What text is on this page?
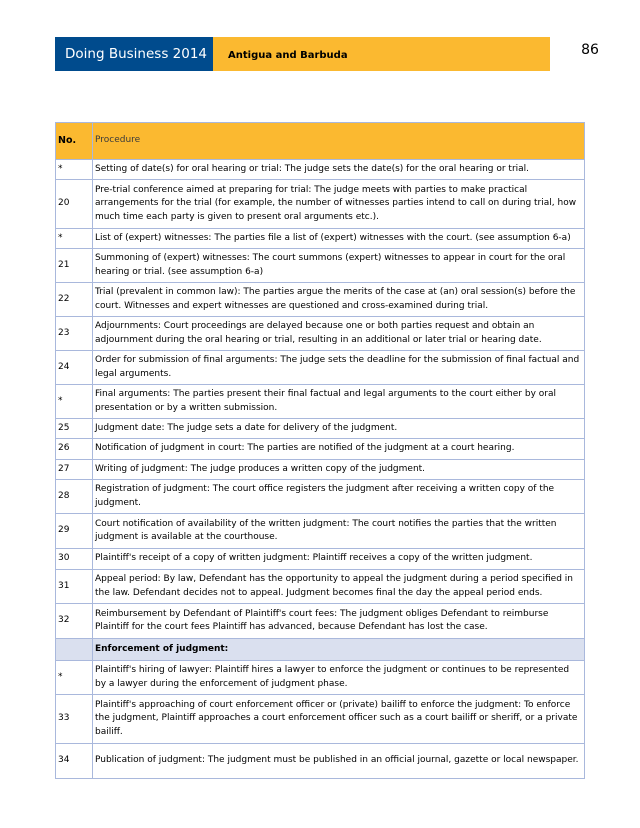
Doing Business 2014	Antigua and Barbuda	86
No.	Procedure
*	Setting of date(s) for oral hearing or trial: The judge sets the date(s) for the oral hearing or trial.
20	Pre-trial conference aimed at preparing for trial: The judge meets with parties to make practical arrangements for the trial (for example, the number of witnesses parties intend to call on during trial, how much time each party is given to present oral arguments etc.).
*	List of (expert) witnesses: The parties file a list of (expert) witnesses with the court. (see assumption 6-a)
21	Summoning of (expert) witnesses: The court summons (expert) witnesses to appear in court for the oral hearing or trial. (see assumption 6-a)
22	Trial (prevalent in common law): The parties argue the merits of the case at (an) oral session(s) before the court. Witnesses and expert witnesses are questioned and cross-examined during trial.
23	Adjournments: Court proceedings are delayed because one or both parties request and obtain an adjournment during the oral hearing or trial, resulting in an additional or later trial or hearing date.
24	Order for submission of final arguments: The judge sets the deadline for the submission of final factual and legal arguments.
*	Final arguments: The parties present their final factual and legal arguments to the court either by oral presentation or by a written submission.
25	Judgment date: The judge sets a date for delivery of the judgment.
26	Notification of judgment in court: The parties are notified of the judgment at a court hearing.
27	Writing of judgment: The judge produces a written copy of the judgment.
28	Registration of judgment: The court office registers the judgment after receiving a written copy of the judgment.
29	Court notification of availability of the written judgment: The court notifies the parties that the written judgment is available at the courthouse.
30	Plaintiff's receipt of a copy of written judgment: Plaintiff receives a copy of the written judgment.
31	Appeal period: By law, Defendant has the opportunity to appeal the judgment during a period specified in the law. Defendant decides not to appeal. Judgment becomes final the day the appeal period ends.
32	Reimbursement by Defendant of Plaintiff's court fees: The judgment obliges Defendant to reimburse Plaintiff for the court fees Plaintiff has advanced, because Defendant has lost the case.
	Enforcement of judgment:
*	Plaintiff's hiring of lawyer: Plaintiff hires a lawyer to enforce the judgment or continues to be represented by a lawyer during the enforcement of judgment phase.
33	Plaintiff's approaching of court enforcement officer or (private) bailiff to enforce the judgment: To enforce the judgment, Plaintiff approaches a court enforcement officer such as a court bailiff or sheriff, or a private bailiff.
34	Publication of judgment: The judgment must be published in an official journal, gazette or local newspaper.
